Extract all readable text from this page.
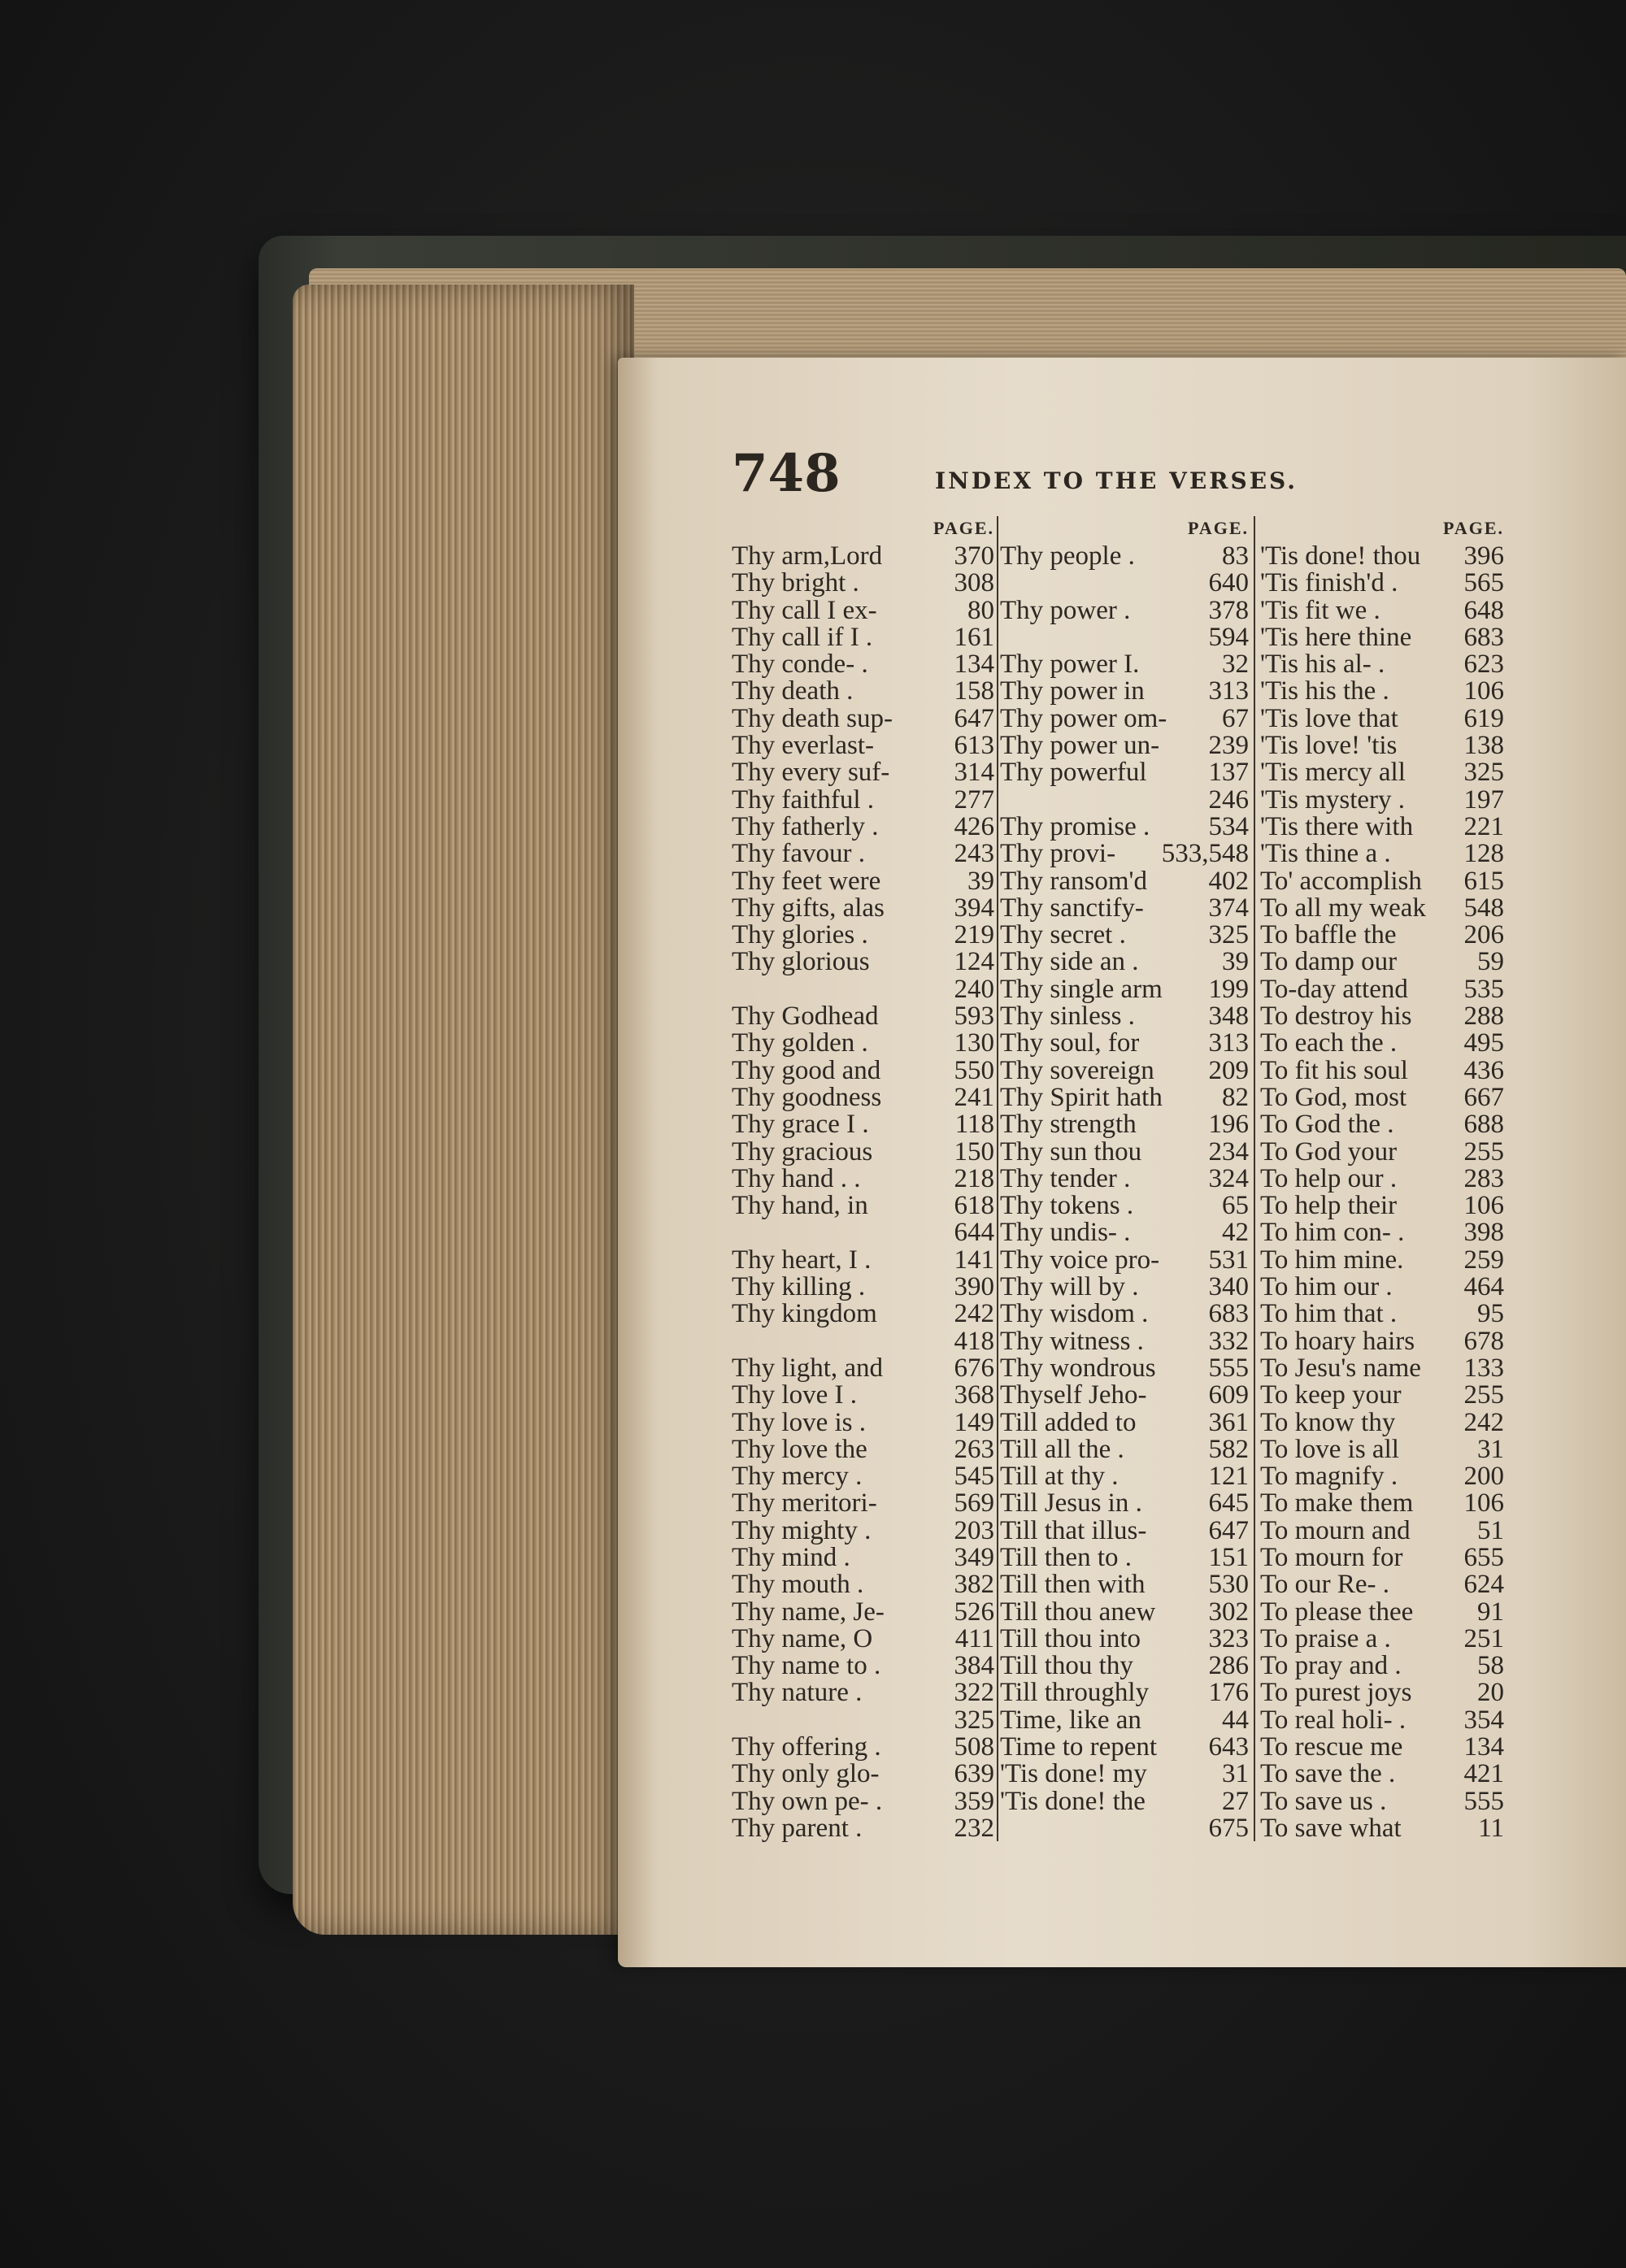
748	INDEX TO THE VERSES.
PAGE.
Thy arm,Lord	370
Thy bright .	308
Thy call I ex-	80
Thy call if I .	161
Thy conde- .	134
Thy death .	158
Thy death sup- 647
Thy everlast-	613
Thy every suf- 314
Thy faithful .	277
Thy fatherly .	426
Thy favour .	243
Thy feet were	39
Thy gifts, alas	394
Thy glories .	219
Thy glorious	124
240
Thy Godhead	593
Thy golden .	130
Thy good and	550
Thy goodness	241
Thy grace I .	118
Thy gracious	150
Thy hand . .	218
Thy hand, in	618
644
Thy heart, I .	141
Thy killing .	390
Thy kingdom	242
418
Thy light, and	676
Thy love I .	368
Thy love is .	149
Thy love the	263
Thy mercy .	545
Thy meritori-	569
Thy mighty .	203
Thy mind .	349
Thy mouth .	382
Thy name, Je-	526
Thy name, O	411
Thy name to .	384
Thy nature .	322
325
Thy offering .	508
Thy only glo-	639
Thy own pe- .	359
Thy parent .	232
PAGE.
Thy people .	83
640
Thy power .	378
594
Thy power I.	32
Thy power in 313
Thy power om- 67
Thy power un- 239
Thy powerful 137
246
Thy promise . 534
Thy provi- 533,548
Thy ransom'd 402
Thy sanctify- 374
Thy secret .	325
Thy side an .	39
Thy single arm 199
Thy sinless .	348
Thy soul, for	313
Thy sovereign 209
Thy Spirit hath 82
Thy strength	196
Thy sun thou 234
Thy tender .	324
Thy tokens .	65
Thy undis- .	42
Thy voice pro- 531
Thy will by .	340
Thy wisdom . 683
Thy witness . 332
Thy wondrous 555
Thyself Jeho- 609
Till added to	361
Till all the .	582
Till at thy .	121
Till Jesus in . 645
Till that illus- 647
Till then to .	151
Till then with 530
Till thou anew 302
Till thou into	323
Till thou thy	286
Till throughly 176
Time, like an	44
Time to repent 643
'Tis done! my	31
'Tis done! the	27
675
PAGE.
'Tis done! thou 396
'Tis finish'd . 565
'Tis fit we .	648
'Tis here thine 683
'Tis his al- .	623
'Tis his the .	106
'Tis love that 619
'Tis love! 'tis 138
'Tis mercy all 325
'Tis mystery . 197
'Tis there with 221
'Tis thine a .	128
To' accomplish 615
To all my weak 548
To baffle the	206
To damp our	59
To-day attend 535
To destroy his 288
To each the . 495
To fit his soul 436
To God, most 667
To God the .	688
To God your 255
To help our . 283
To help their 106
To him con- . 398
To him mine. 259
To him our .	464
To him that .	95
To hoary hairs 678
To Jesu's name 133
To keep your 255
To know thy	242
To love is all	31
To magnify . 200
To make them 106
To mourn and 51
To mourn for 655
To our Re- .	624
To please thee 91
To praise a .	251
To pray and .	58
To purest joys 20
To real holi- . 354
To rescue me 134
To save the .	421
To save us .	555
To save what	11
